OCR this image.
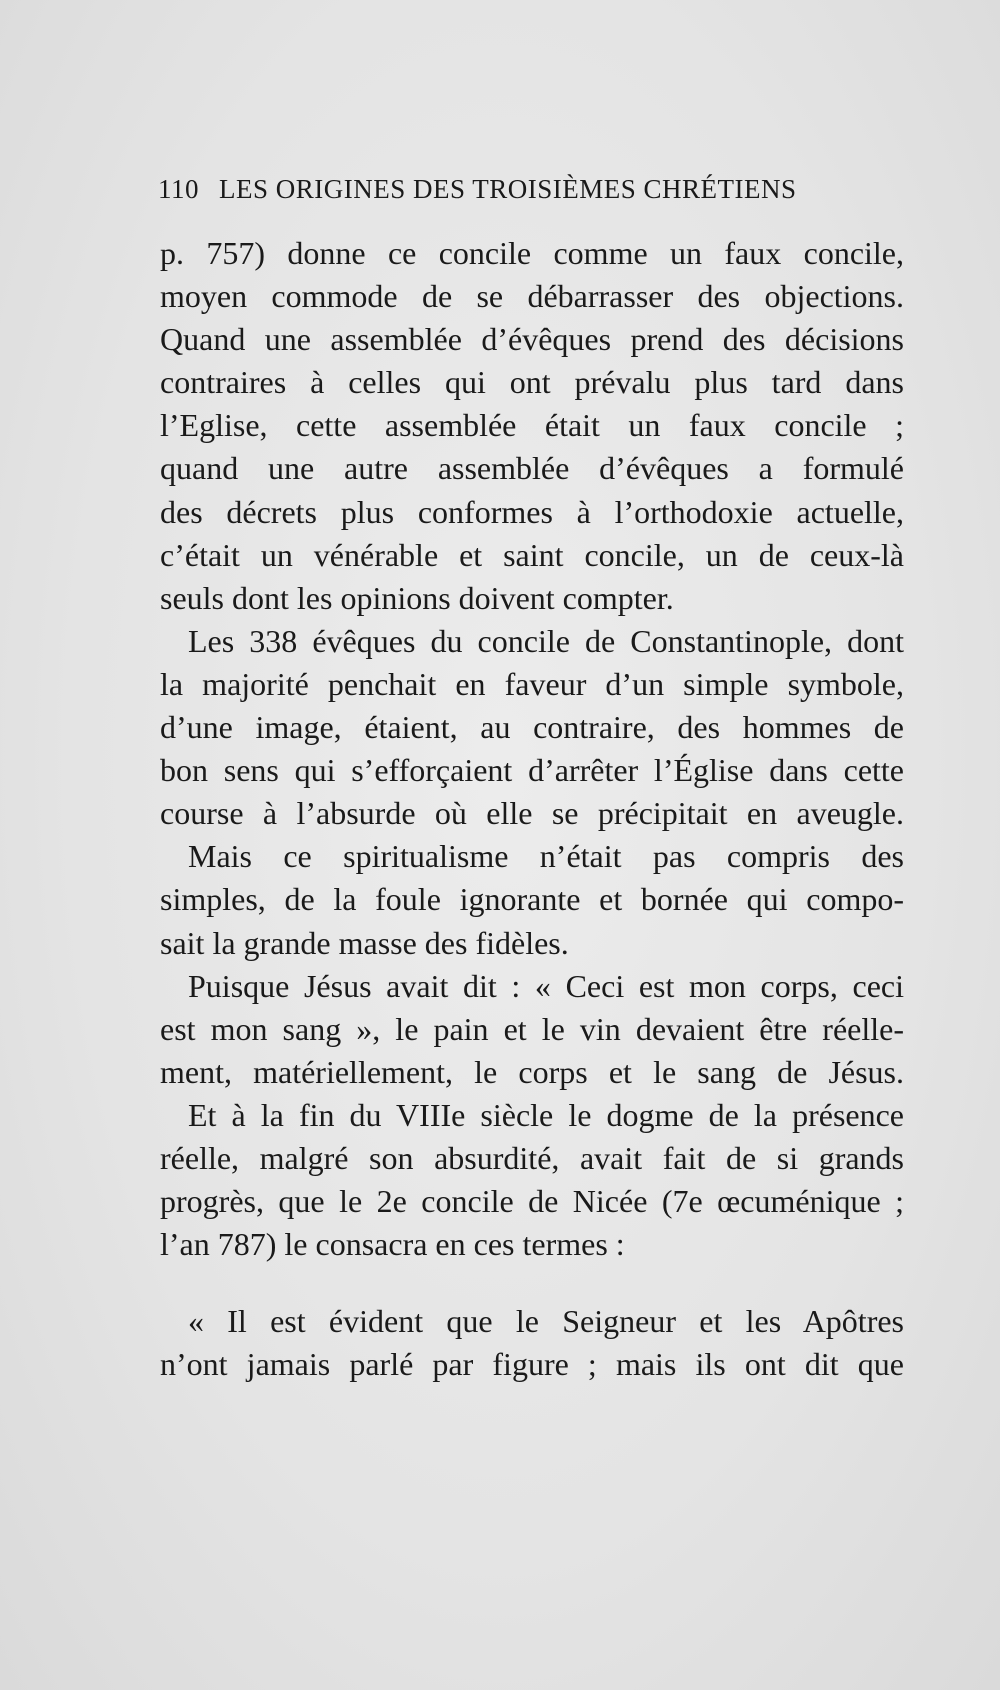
110 LES ORIGINES DES TROISIÈMES CHRÉTIENS
p. 757) donne ce concile comme un faux concile,
moyen commode de se débarrasser des objections.
Quand une assemblée d’évêques prend des décisions
contraires à celles qui ont prévalu plus tard dans
l’Eglise, cette assemblée était un faux concile ;
quand une autre assemblée d’évêques a formulé
des décrets plus conformes à l’orthodoxie actuelle,
c’était un vénérable et saint concile, un de ceux-là
seuls dont les opinions doivent compter.
Les 338 évêques du concile de Constantinople, dont
la majorité penchait en faveur d’un simple symbole,
d’une image, étaient, au contraire, des hommes de
bon sens qui s’efforçaient d’arrêter l’Église dans cette
course à l’absurde où elle se précipitait en aveugle.
Mais ce spiritualisme n’était pas compris des
simples, de la foule ignorante et bornée qui compo-
sait la grande masse des fidèles.
Puisque Jésus avait dit : « Ceci est mon corps, ceci
est mon sang », le pain et le vin devaient être réelle-
ment, matériellement, le corps et le sang de Jésus.
Et à la fin du VIIIe siècle le dogme de la présence
réelle, malgré son absurdité, avait fait de si grands
progrès, que le 2e concile de Nicée (7e œcuménique ;
l’an 787) le consacra en ces termes :
« Il est évident que le Seigneur et les Apôtres
n’ont jamais parlé par figure ; mais ils ont dit que
